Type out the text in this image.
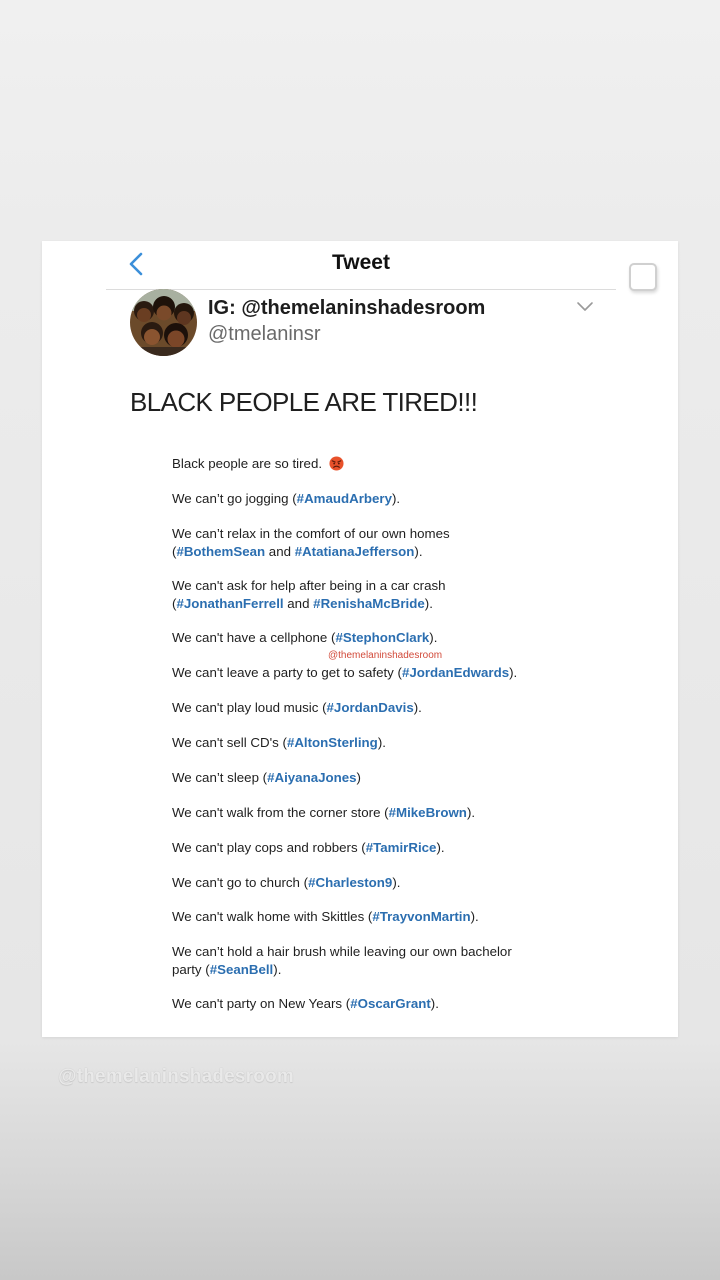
Tweet
IG: @themelaninshadesroom
@tmelaninsr
BLACK PEOPLE ARE TIRED!!!
Black people are so tired.
We can’t go jogging (#AmaudArbery).
We can’t relax in the comfort of our own homes
(#BothemSean and #AtatianaJefferson).
We can't ask for help after being in a car crash
(#JonathanFerrell and #RenishaMcBride).
We can't have a cellphone (#StephonClark).
@themelaninshadesroom
We can't leave a party to get to safety (#JordanEdwards).
We can't play loud music (#JordanDavis).
We can't sell CD's (#AltonSterling).
We can’t sleep (#AiyanaJones)
We can't walk from the corner store (#MikeBrown).
We can't play cops and robbers (#TamirRice).
We can't go to church (#Charleston9).
We can't walk home with Skittles (#TrayvonMartin).
We can’t hold a hair brush while leaving our own bachelor
party (#SeanBell).
We can't party on New Years (#OscarGrant).
@themelaninshadesroom
